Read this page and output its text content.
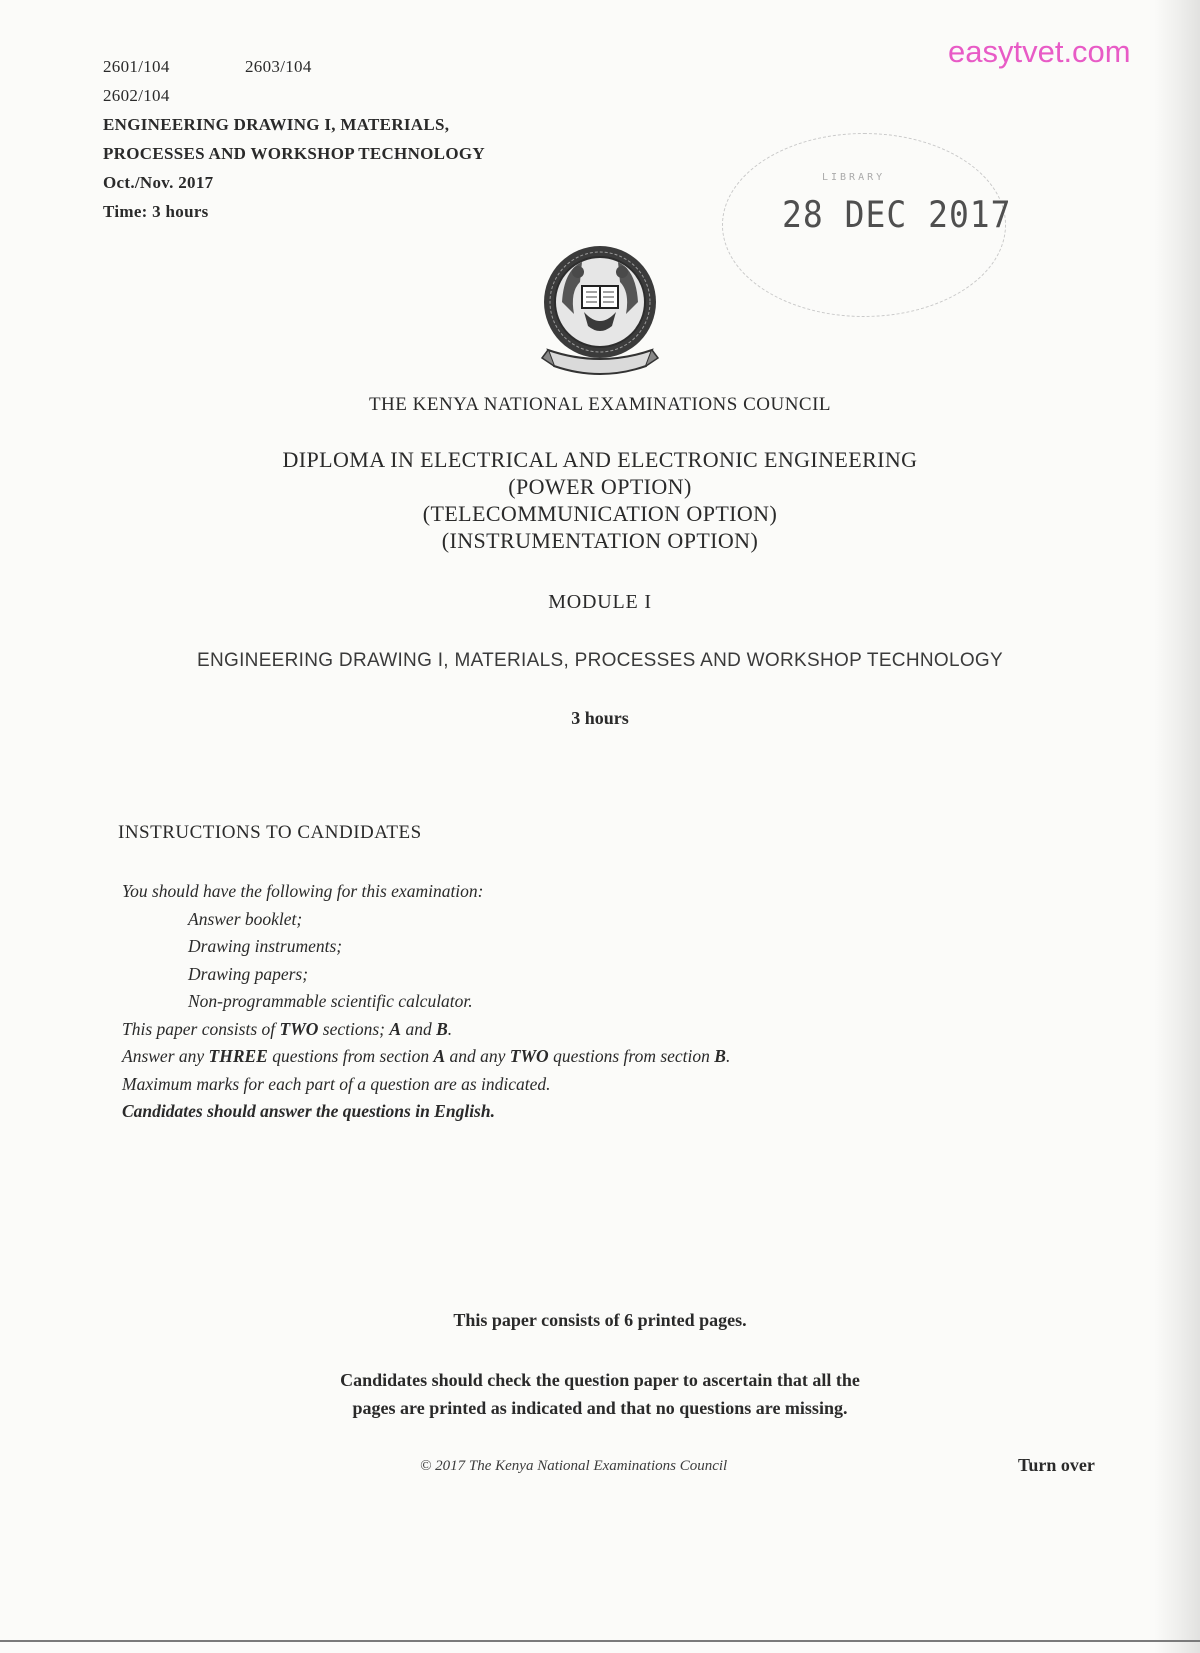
2601/104	2603/104
2602/104
ENGINEERING DRAWING I, MATERIALS,
PROCESSES AND WORKSHOP TECHNOLOGY
Oct./Nov. 2017
Time: 3 hours
easytvet.com
LIBRARY
28 DEC 2017
THE KENYA NATIONAL EXAMINATIONS COUNCIL
DIPLOMA IN ELECTRICAL AND ELECTRONIC ENGINEERING
(POWER OPTION)
(TELECOMMUNICATION OPTION)
(INSTRUMENTATION OPTION)
MODULE I
ENGINEERING DRAWING I, MATERIALS, PROCESSES AND WORKSHOP TECHNOLOGY
3 hours
INSTRUCTIONS TO CANDIDATES
You should have the following for this examination:
Answer booklet;
Drawing instruments;
Drawing papers;
Non-programmable scientific calculator.
This paper consists of TWO sections; A and B.
Answer any THREE questions from section A and any TWO questions from section B.
Maximum marks for each part of a question are as indicated.
Candidates should answer the questions in English.
This paper consists of 6 printed pages.
Candidates should check the question paper to ascertain that all the
pages are printed as indicated and that no questions are missing.
© 2017 The Kenya National Examinations Council	Turn over
